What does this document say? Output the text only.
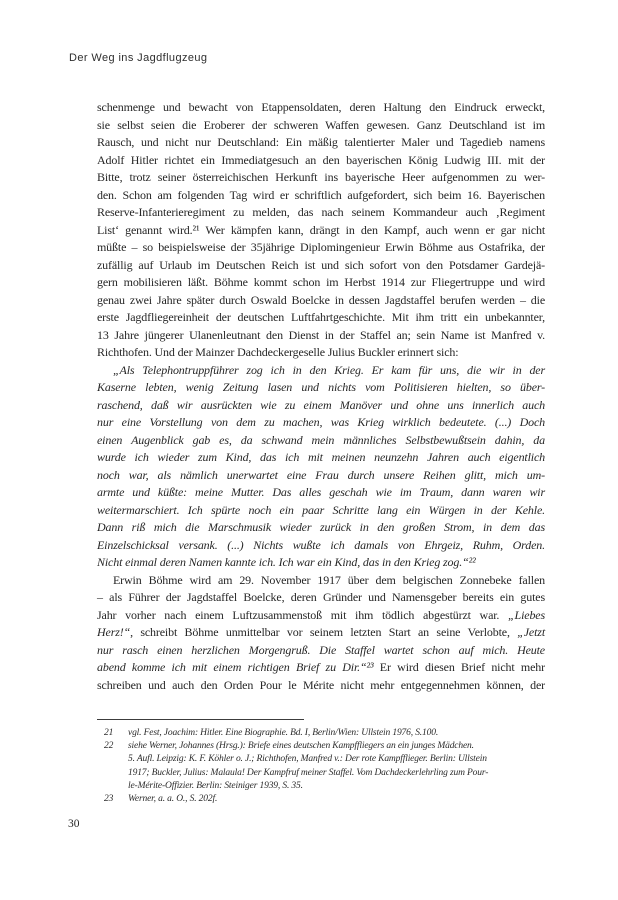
Der Weg ins Jagdflugzeug
schenmenge und bewacht von Etappensoldaten, deren Haltung den Eindruck erweckt,
sie selbst seien die Eroberer der schweren Waffen gewesen. Ganz Deutschland ist im
Rausch, und nicht nur Deutschland: Ein mäßig talentierter Maler und Tagedieb namens
Adolf Hitler richtet ein Immediatgesuch an den bayerischen König Ludwig III. mit der
Bitte, trotz seiner österreichischen Herkunft ins bayerische Heer aufgenommen zu wer-
den. Schon am folgenden Tag wird er schriftlich aufgefordert, sich beim 16. Bayerischen
Reserve-Infanterieregiment zu melden, das nach seinem Kommandeur auch ‚Regiment
List‘ genannt wird.²¹ Wer kämpfen kann, drängt in den Kampf, auch wenn er gar nicht
müßte – so beispielsweise der 35jährige Diplomingenieur Erwin Böhme aus Ostafrika, der
zufällig auf Urlaub im Deutschen Reich ist und sich sofort von den Potsdamer Gardejä-
gern mobilisieren läßt. Böhme kommt schon im Herbst 1914 zur Fliegertruppe und wird
genau zwei Jahre später durch Oswald Boelcke in dessen Jagdstaffel berufen werden – die
erste Jagdfliegereinheit der deutschen Luftfahrtgeschichte. Mit ihm tritt ein unbekannter,
13 Jahre jüngerer Ulanenleutnant den Dienst in der Staffel an; sein Name ist Manfred v.
Richthofen. Und der Mainzer Dachdeckergeselle Julius Buckler erinnert sich:
„Als Telephontruppführer zog ich in den Krieg. Er kam für uns, die wir in der
Kaserne lebten, wenig Zeitung lasen und nichts vom Politisieren hielten, so über-
raschend, daß wir ausrückten wie zu einem Manöver und ohne uns innerlich auch
nur eine Vorstellung von dem zu machen, was Krieg wirklich bedeutete. (...) Doch
einen Augenblick gab es, da schwand mein männliches Selbstbewußtsein dahin, da
wurde ich wieder zum Kind, das ich mit meinen neunzehn Jahren auch eigentlich
noch war, als nämlich unerwartet eine Frau durch unsere Reihen glitt, mich um-
armte und küßte: meine Mutter. Das alles geschah wie im Traum, dann waren wir
weitermarschiert. Ich spürte noch ein paar Schritte lang ein Würgen in der Kehle.
Dann riß mich die Marschmusik wieder zurück in den großen Strom, in dem das
Einzelschicksal versank. (...) Nichts wußte ich damals von Ehrgeiz, Ruhm, Orden.
Nicht einmal deren Namen kannte ich. Ich war ein Kind, das in den Krieg zog.“²²
Erwin Böhme wird am 29. November 1917 über dem belgischen Zonnebeke fallen
– als Führer der Jagdstaffel Boelcke, deren Gründer und Namensgeber bereits ein gutes
Jahr vorher nach einem Luftzusammenstoß mit ihm tödlich abgestürzt war. „Liebes
Herz!“, schreibt Böhme unmittelbar vor seinem letzten Start an seine Verlobte, „Jetzt
nur rasch einen herzlichen Morgengruß. Die Staffel wartet schon auf mich. Heute
abend komme ich mit einem richtigen Brief zu Dir.“²³ Er wird diesen Brief nicht mehr
schreiben und auch den Orden Pour le Mérite nicht mehr entgegennehmen können, der
21	vgl. Fest, Joachim: Hitler. Eine Biographie. Bd. I, Berlin/Wien: Ullstein 1976, S.100.
22	siehe Werner, Johannes (Hrsg.): Briefe eines deutschen Kampffliegers an ein junges Mädchen.
5. Aufl. Leipzig: K. F. Köhler o. J.; Richthofen, Manfred v.: Der rote Kampfflieger. Berlin: Ullstein
1917; Buckler, Julius: Malaula! Der Kampfruf meiner Staffel. Vom Dachdeckerlehrling zum Pour-
le-Mérite-Offizier. Berlin: Steiniger 1939, S. 35.
23	Werner, a. a. O., S. 202f.
30
